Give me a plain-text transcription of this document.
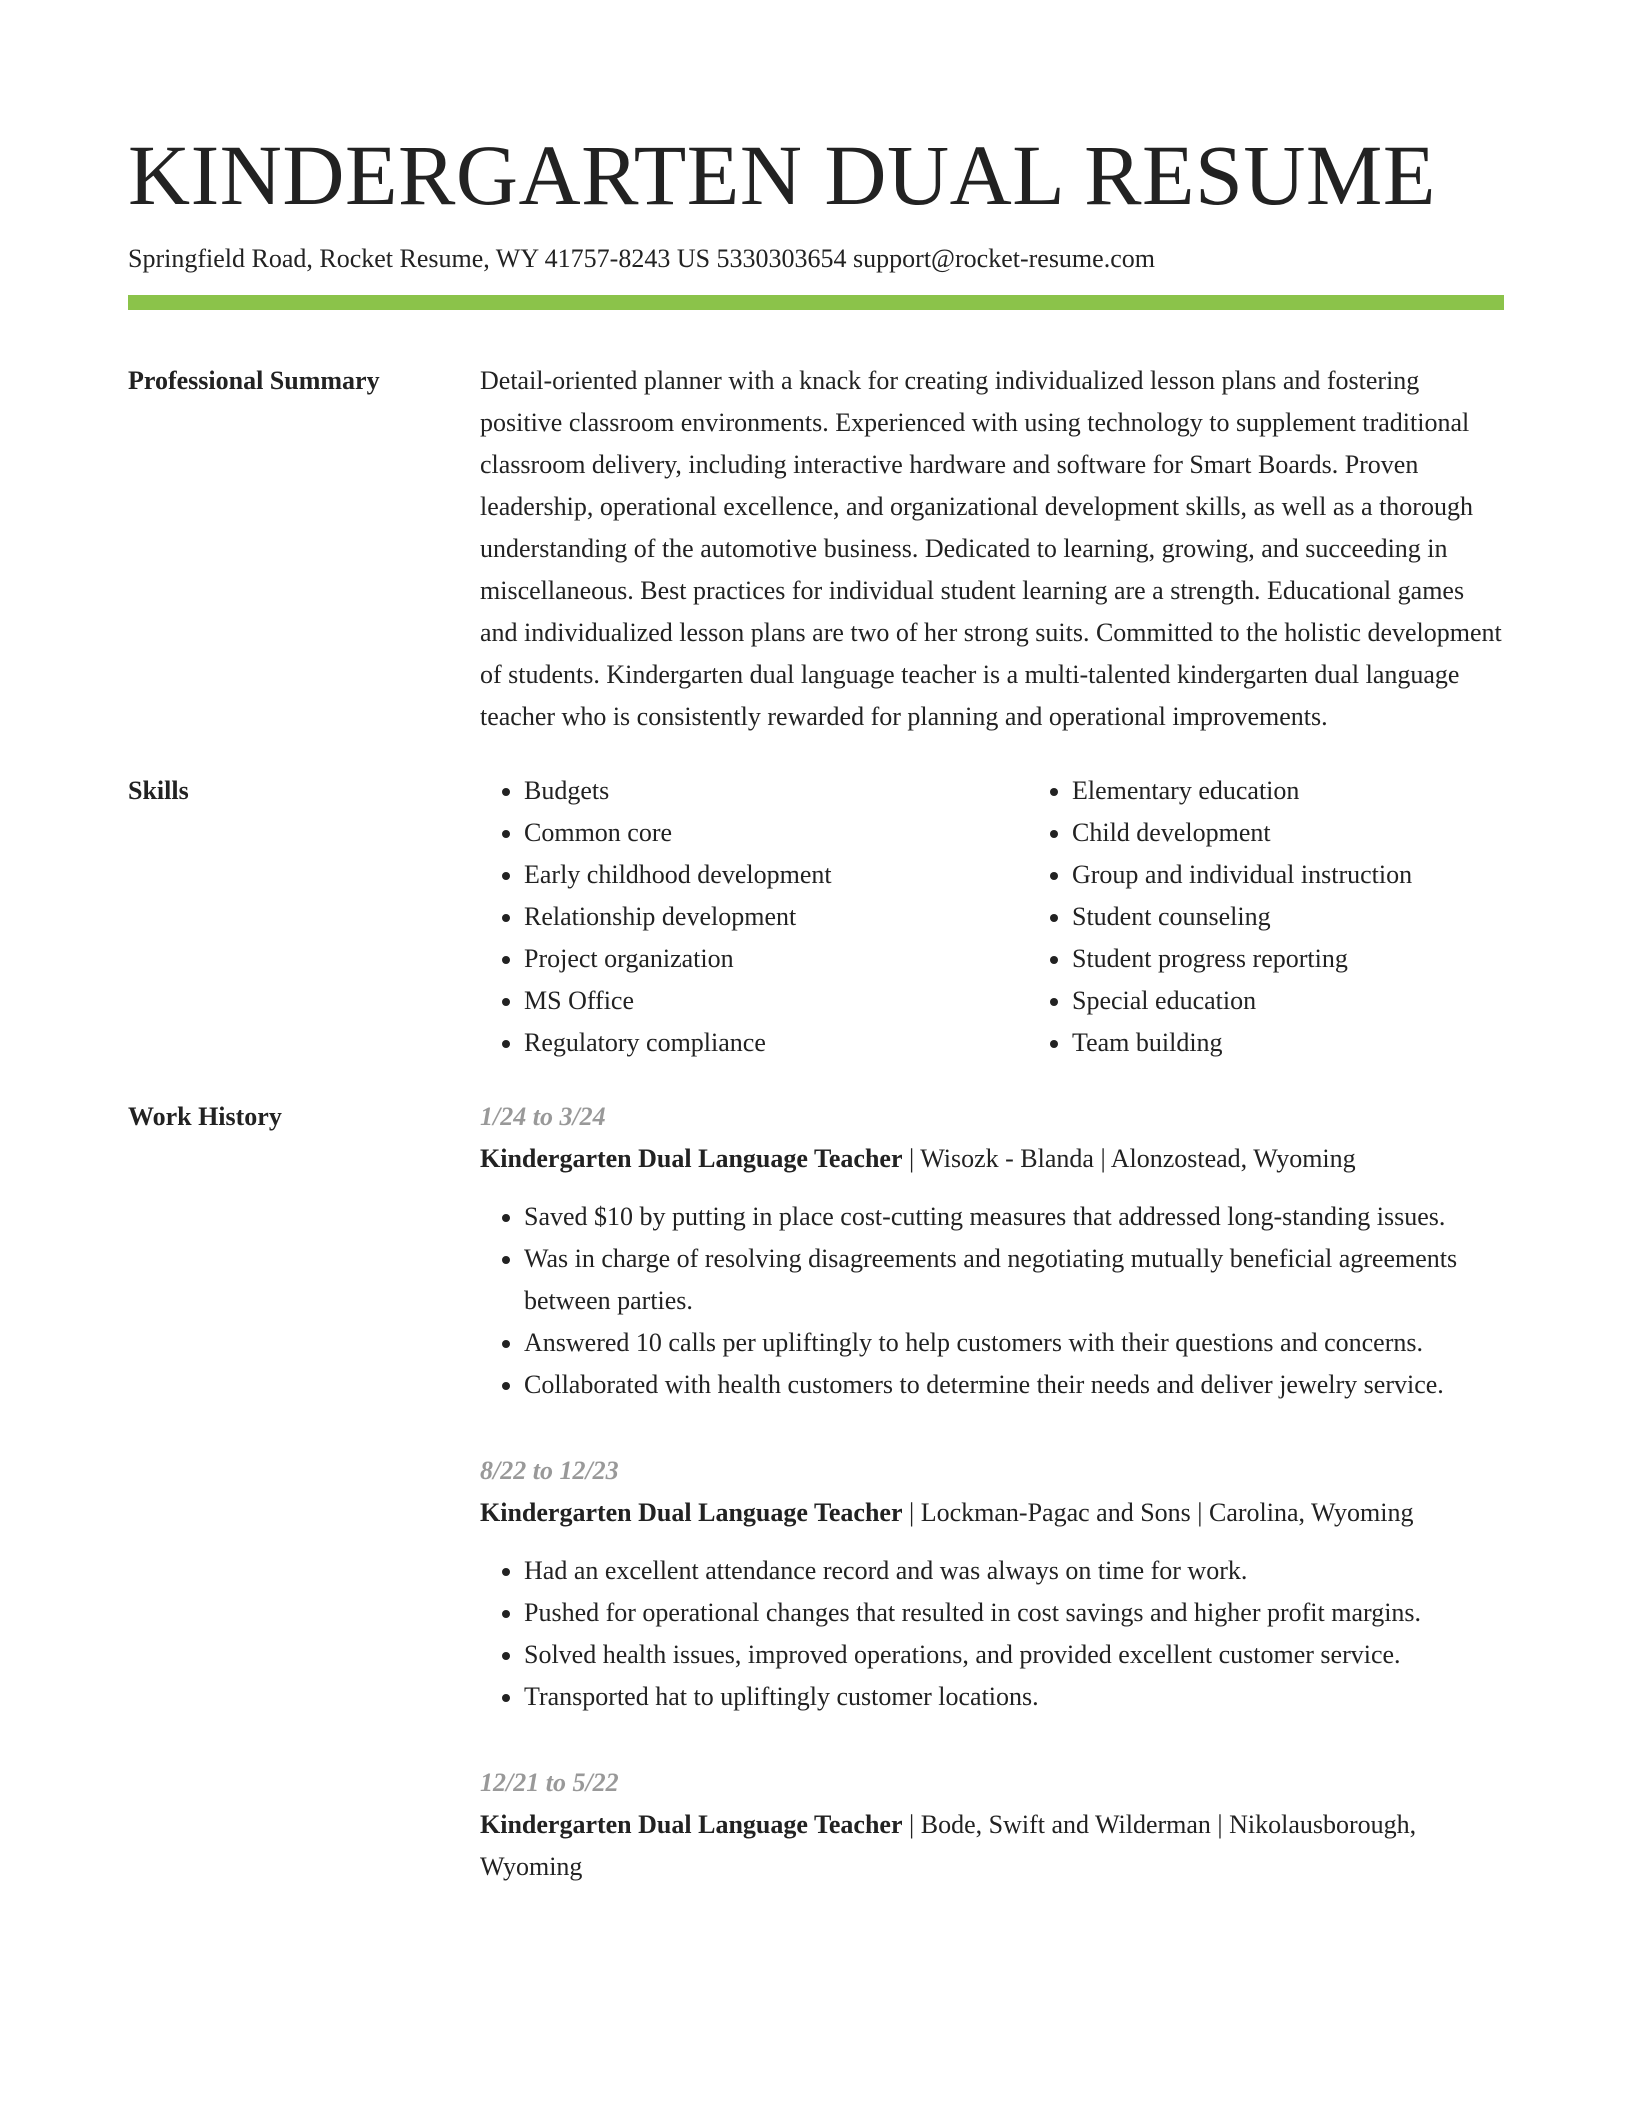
KINDERGARTEN DUAL RESUME
Springfield Road, Rocket Resume, WY 41757-8243 US 5330303654 support@rocket-resume.com
Professional Summary	Detail-oriented planner with a knack for creating individualized lesson plans and fostering positive classroom environments. Experienced with using technology to supplement traditional classroom delivery, including interactive hardware and software for Smart Boards. Proven leadership, operational excellence, and organizational development skills, as well as a thorough understanding of the automotive business. Dedicated to learning, growing, and succeeding in miscellaneous. Best practices for individual student learning are a strength. Educational games and individualized lesson plans are two of her strong suits. Committed to the holistic development of students. Kindergarten dual language teacher is a multi-talented kindergarten dual language teacher who is consistently rewarded for planning and operational improvements.
Skills
•	Budgets
• Common core
• Early childhood development
• Relationship development
• Project organization
• MS Office
• Regulatory compliance
• Elementary education
• Child development
• Group and individual instruction
• Student counseling
• Student progress reporting
• Special education
• Team building
Work History	1/24 to 3/24
Kindergarten Dual Language Teacher | Wisozk - Blanda | Alonzostead, Wyoming
• Saved $10 by putting in place cost-cutting measures that addressed long-standing issues.
• Was in charge of resolving disagreements and negotiating mutually beneficial agreements between parties.
• Answered 10 calls per upliftingly to help customers with their questions and concerns.
• Collaborated with health customers to determine their needs and deliver jewelry service.
8/22 to 12/23
Kindergarten Dual Language Teacher | Lockman-Pagac and Sons | Carolina, Wyoming
• Had an excellent attendance record and was always on time for work.
• Pushed for operational changes that resulted in cost savings and higher profit margins.
• Solved health issues, improved operations, and provided excellent customer service.
• Transported hat to upliftingly customer locations.
12/21 to 5/22
Kindergarten Dual Language Teacher | Bode, Swift and Wilderman | Nikolausborough, Wyoming
